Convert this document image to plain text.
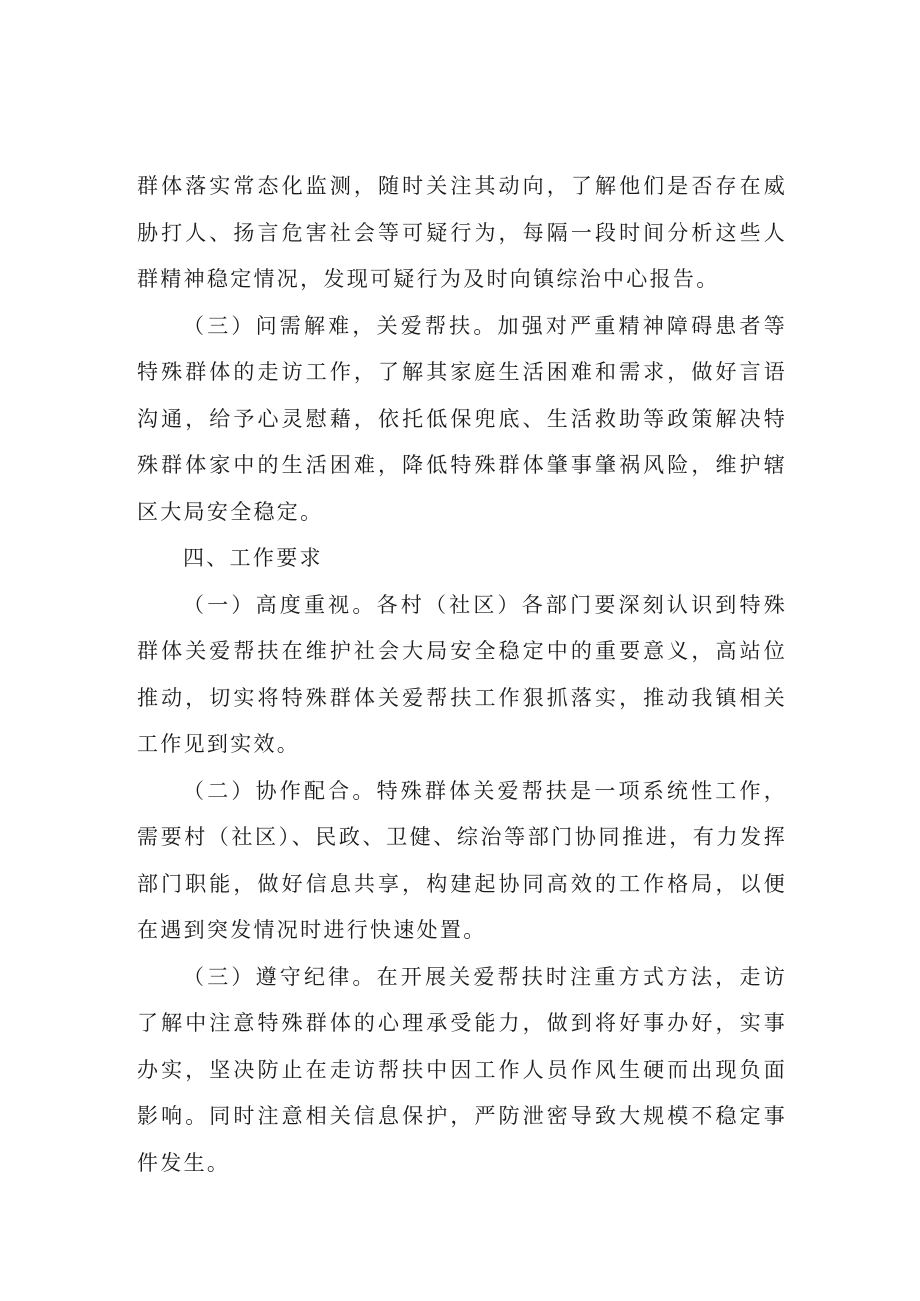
群体落实常态化监测，随时关注其动向，了解他们是否存在威胁打人、扬言危害社会等可疑行为，每隔一段时间分析这些人群精神稳定情况，发现可疑行为及时向镇综治中心报告。

（三）问需解难，关爱帮扶。加强对严重精神障碍患者等特殊群体的走访工作，了解其家庭生活困难和需求，做好言语沟通，给予心灵慰藉，依托低保兜底、生活救助等政策解决特殊群体家中的生活困难，降低特殊群体肇事肇祸风险，维护辖区大局安全稳定。

四、工作要求

（一）高度重视。各村（社区）各部门要深刻认识到特殊群体关爱帮扶在维护社会大局安全稳定中的重要意义，高站位推动，切实将特殊群体关爱帮扶工作狠抓落实，推动我镇相关工作见到实效。

（二）协作配合。特殊群体关爱帮扶是一项系统性工作，需要村（社区）、民政、卫健、综治等部门协同推进，有力发挥部门职能，做好信息共享，构建起协同高效的工作格局，以便在遇到突发情况时进行快速处置。

（三）遵守纪律。在开展关爱帮扶时注重方式方法，走访了解中注意特殊群体的心理承受能力，做到将好事办好，实事办实，坚决防止在走访帮扶中因工作人员作风生硬而出现负面影响。同时注意相关信息保护，严防泄密导致大规模不稳定事件发生。
